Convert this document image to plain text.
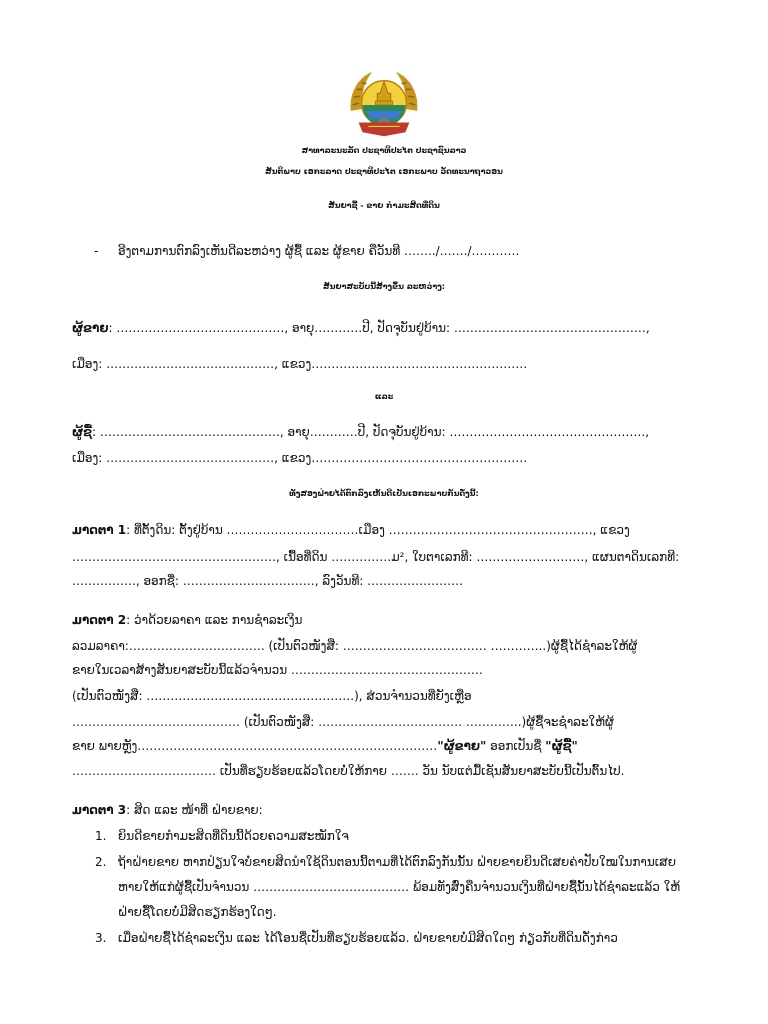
ສາທາລະນະລັດ ປະຊາທິປະໄຕ ປະຊາຊົນລາວ
ສັນຕິພາບ ເອກະລາດ ປະຊາທິປະໄຕ ເອກະພາບ ວັດທະນາຖາວອນ
ສັນຍາຊື້ - ຂາຍ ກຳມະສິດທີ່ດິນ
- ອີງຕາມການຕົກລົງເຫັນດີລະຫວ່າງ ຜູ້ຊື້ ແລະ ຜູ້ຂາຍ ຄືວັນທີ ……../……./…………
ສັນຍາສະບັບນີ້ສ້າງຂຶ້ນ ລະຫວ່າງ:
ຜູ້ຂາຍ: ……………………………………, ອາຍຸ…………ປີ, ປັດຈຸບັນຢູ່ບ້ານ: …………………………………………,
ເມືອງ: ……………………………………, ແຂວງ………………………………………………
ແລະ
ຜູ້ຊື້: ………………………………………, ອາຍຸ…………ປີ, ປັດຈຸບັນຢູ່ບ້ານ: ………………………………………….,
ເມືອງ: ……………………………………, ແຂວງ………………………………………………
ທັງສອງຝ່າຍໄດ້ຕົກລົງເຫັນດີເປັນເອກະພາບກັນດັ່ງນີ້:
ມາດຕາ 1: ທີ່ຕັ້ງດິນ: ຕັ້ງຢູ່ບ້ານ ……………………………ເມືອງ ……………………………………………, ແຂວງ
……………………………………………, ເນື້ອທີ່ດິນ ……………ມ², ໃບຕາເລກທີ: ………………………, ແຜນຕາດິນເລກທີ:
……………., ອອກຊື່: ……………………………, ລົງວັນທີ: ……………………
ມາດຕາ 2: ວ່າດ້ວຍລາຄາ ແລະ ການຊຳລະເງິນ
ລວມລາຄາ:……………………………. (ເປັນຕົວໜັງສື: ……………………………… …………..)ຜູ້ຊື້ໄດ້ຊຳລະໃຫ້ຜູ້
ຂາຍໃນເວລາສ້າງສັນຍາສະບັບນີ້ແລ້ວຈຳນວນ …………………………………………
(ເປັນຕົວໜັງສື: …………………………………………….), ສ່ວນຈຳນວນທີ່ຍັງເຫຼືອ
…………………………………… (ເປັນຕົວໜັງສື: ……………………………… …………..)ຜູ້ຊື້ຈະຊຳລະໃຫ້ຜູ້
ຂາຍ ພາຍຫຼັງ…………………………………………………………………"ຜູ້ຂາຍ" ອອກເປັນຊື່ "ຜູ້ຊື້"
……………………………… ເປັນທີ່ຮຽບຮ້ອຍແລ້ວໂດຍບໍ່ໃຫ້ກາຍ ……. ວັນ ນັບແຕ່ມື້ເຊັນສັນຍາສະບັບນີ້ເປັນຕົ້ນໄປ.
ມາດຕາ 3: ສິດ ແລະ ໜ້າທີ່ ຝ່າຍຂາຍ:
1. ຍິນດີຂາຍກຳມະສິດທີ່ດິນນີ້ດ້ວຍຄວາມສະໝັກໃຈ
2. ຖ້າຝ່າຍຂາຍ ຫາກປ່ຽນໃຈບໍ່ຂາຍສິດນຳໃຊ້ດິນຕອນນີ້ຕາມທີ່ໄດ້ຕົກລົງກັນນັ້ນ ຝ່າຍຂາຍຍິນດີເສຍຄ່າປັບໃໝໃນການເສຍ
ຫາຍໃຫ້ແກ່ຜູ້ຊື້ເປັນຈຳນວນ ………………………………… ພ້ອມທັງສົ່ງຄືນຈຳນວນເງິນທີ່ຝ່າຍຊື້ນັ້ນໄດ້ຊຳລະແລ້ວ ໃຫ້
ຝ່າຍຊື້ໂດຍບໍ່ມີສິດຮຽກຮ້ອງໃດໆ.
3. ເມື່ອຝ່າຍຊື້ໄດ້ຊຳລະເງິນ ແລະ ໄດ້ໂອນຊື່ເປັນທີ່ຮຽບຮ້ອຍແລ້ວ. ຝ່າຍຂາຍບໍ່ມີສິດໃດໆ ກ່ຽວກັບທີ່ດິນດັ່ງກ່າວ
